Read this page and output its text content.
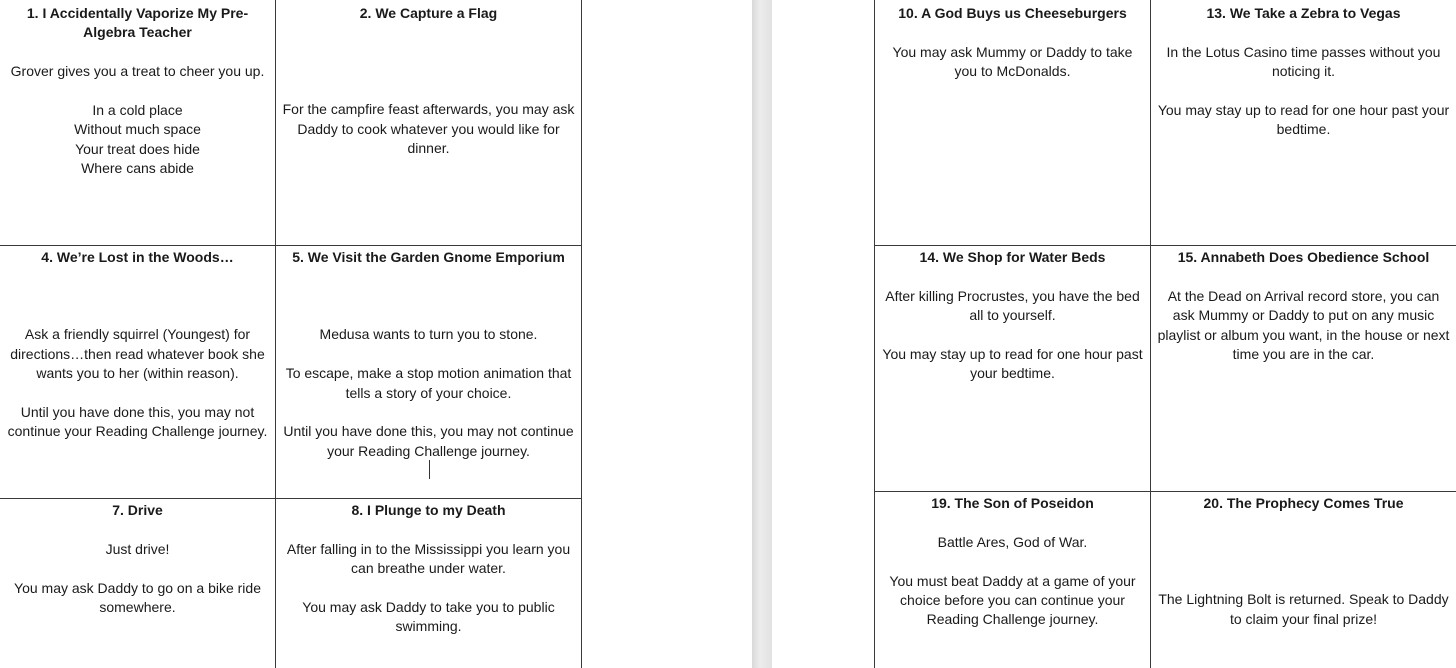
1. I Accidentally Vaporize My Pre-Algebra Teacher
Grover gives you a treat to cheer you up.

In a cold place
Without much space
Your treat does hide
Where cans abide
2. We Capture a Flag
For the campfire feast afterwards, you may ask Daddy to cook whatever you would like for dinner.
4. We’re Lost in the Woods…
Ask a friendly squirrel (Youngest) for directions…then read whatever book she wants you to her (within reason).

Until you have done this, you may not continue your Reading Challenge journey.
5. We Visit the Garden Gnome Emporium
Medusa wants to turn you to stone.

To escape, make a stop motion animation that tells a story of your choice.

Until you have done this, you may not continue your Reading Challenge journey.
7. Drive
Just drive!

You may ask Daddy to go on a bike ride somewhere.
8. I Plunge to my Death
After falling in to the Mississippi you learn you can breathe under water.

You may ask Daddy to take you to public swimming.
10. A God Buys us Cheeseburgers
You may ask Mummy or Daddy to take you to McDonalds.
13. We Take a Zebra to Vegas
In the Lotus Casino time passes without you noticing it.

You may stay up to read for one hour past your bedtime.
14. We Shop for Water Beds
After killing Procrustes, you have the bed all to yourself.

You may stay up to read for one hour past your bedtime.
15. Annabeth Does Obedience School
At the Dead on Arrival record store, you can ask Mummy or Daddy to put on any music playlist or album you want, in the house or next time you are in the car.
19. The Son of Poseidon
Battle Ares, God of War.

You must beat Daddy at a game of your choice before you can continue your Reading Challenge journey.
20. The Prophecy Comes True
The Lightning Bolt is returned. Speak to Daddy to claim your final prize!
